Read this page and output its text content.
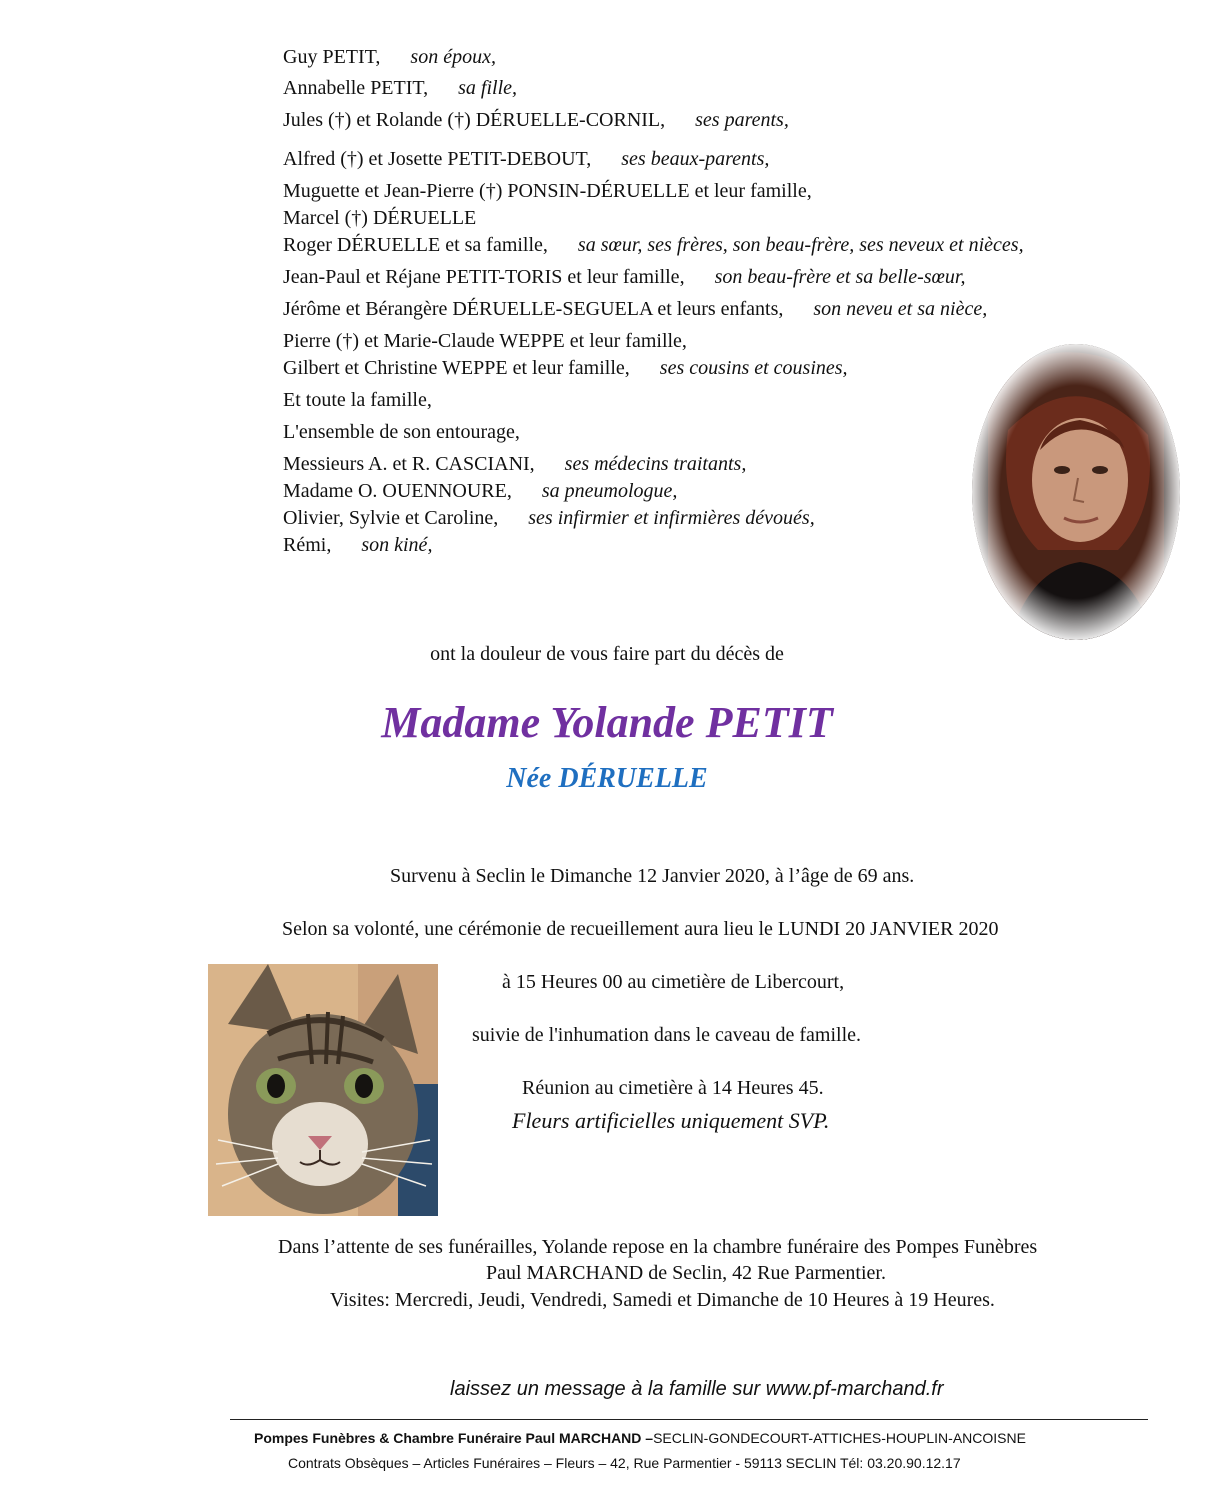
Guy PETIT, son époux,
Annabelle PETIT, sa fille,
Jules (†) et Rolande (†) DÉRUELLE-CORNIL, ses parents,
Alfred (†) et Josette PETIT-DEBOUT, ses beaux-parents,
Muguette et Jean-Pierre (†) PONSIN-DÉRUELLE et leur famille,
Marcel (†) DÉRUELLE
Roger DÉRUELLE et sa famille, sa sœur, ses frères, son beau-frère, ses neveux et nièces,
Jean-Paul et Réjane PETIT-TORIS et leur famille, son beau-frère et sa belle-sœur,
Jérôme et Bérangère DÉRUELLE-SEGUELA et leurs enfants, son neveu et sa nièce,
Pierre (†) et Marie-Claude WEPPE et leur famille,
Gilbert et Christine WEPPE et leur famille, ses cousins et cousines,
Et toute la famille,
L'ensemble de son entourage,
Messieurs A. et R. CASCIANI, ses médecins traitants,
Madame O. OUENNOURE, sa pneumologue,
Olivier, Sylvie et Caroline, ses infirmier et infirmières dévoués,
Rémi, son kiné,
ont la douleur de vous faire part du décès de
Madame Yolande PETIT
Née DÉRUELLE
Survenu à Seclin le Dimanche 12 Janvier 2020, à l’âge de 69 ans.
Selon sa volonté, une cérémonie de recueillement aura lieu le LUNDI 20 JANVIER 2020
à 15 Heures 00 au cimetière de Libercourt,
suivie de l'inhumation dans le caveau de famille.
Réunion au cimetière à 14 Heures 45.
Fleurs artificielles uniquement SVP.
Dans l’attente de ses funérailles, Yolande repose en la chambre funéraire des Pompes Funèbres
Paul MARCHAND de Seclin, 42 Rue Parmentier.
Visites: Mercredi, Jeudi, Vendredi, Samedi et Dimanche de 10 Heures à 19 Heures.
laissez un message à la famille sur www.pf-marchand.fr
Pompes Funèbres & Chambre Funéraire Paul MARCHAND –SECLIN-GONDECOURT-ATTICHES-HOUPLIN-ANCOISNE
Contrats Obsèques – Articles Funéraires – Fleurs – 42, Rue Parmentier - 59113 SECLIN Tél: 03.20.90.12.17
